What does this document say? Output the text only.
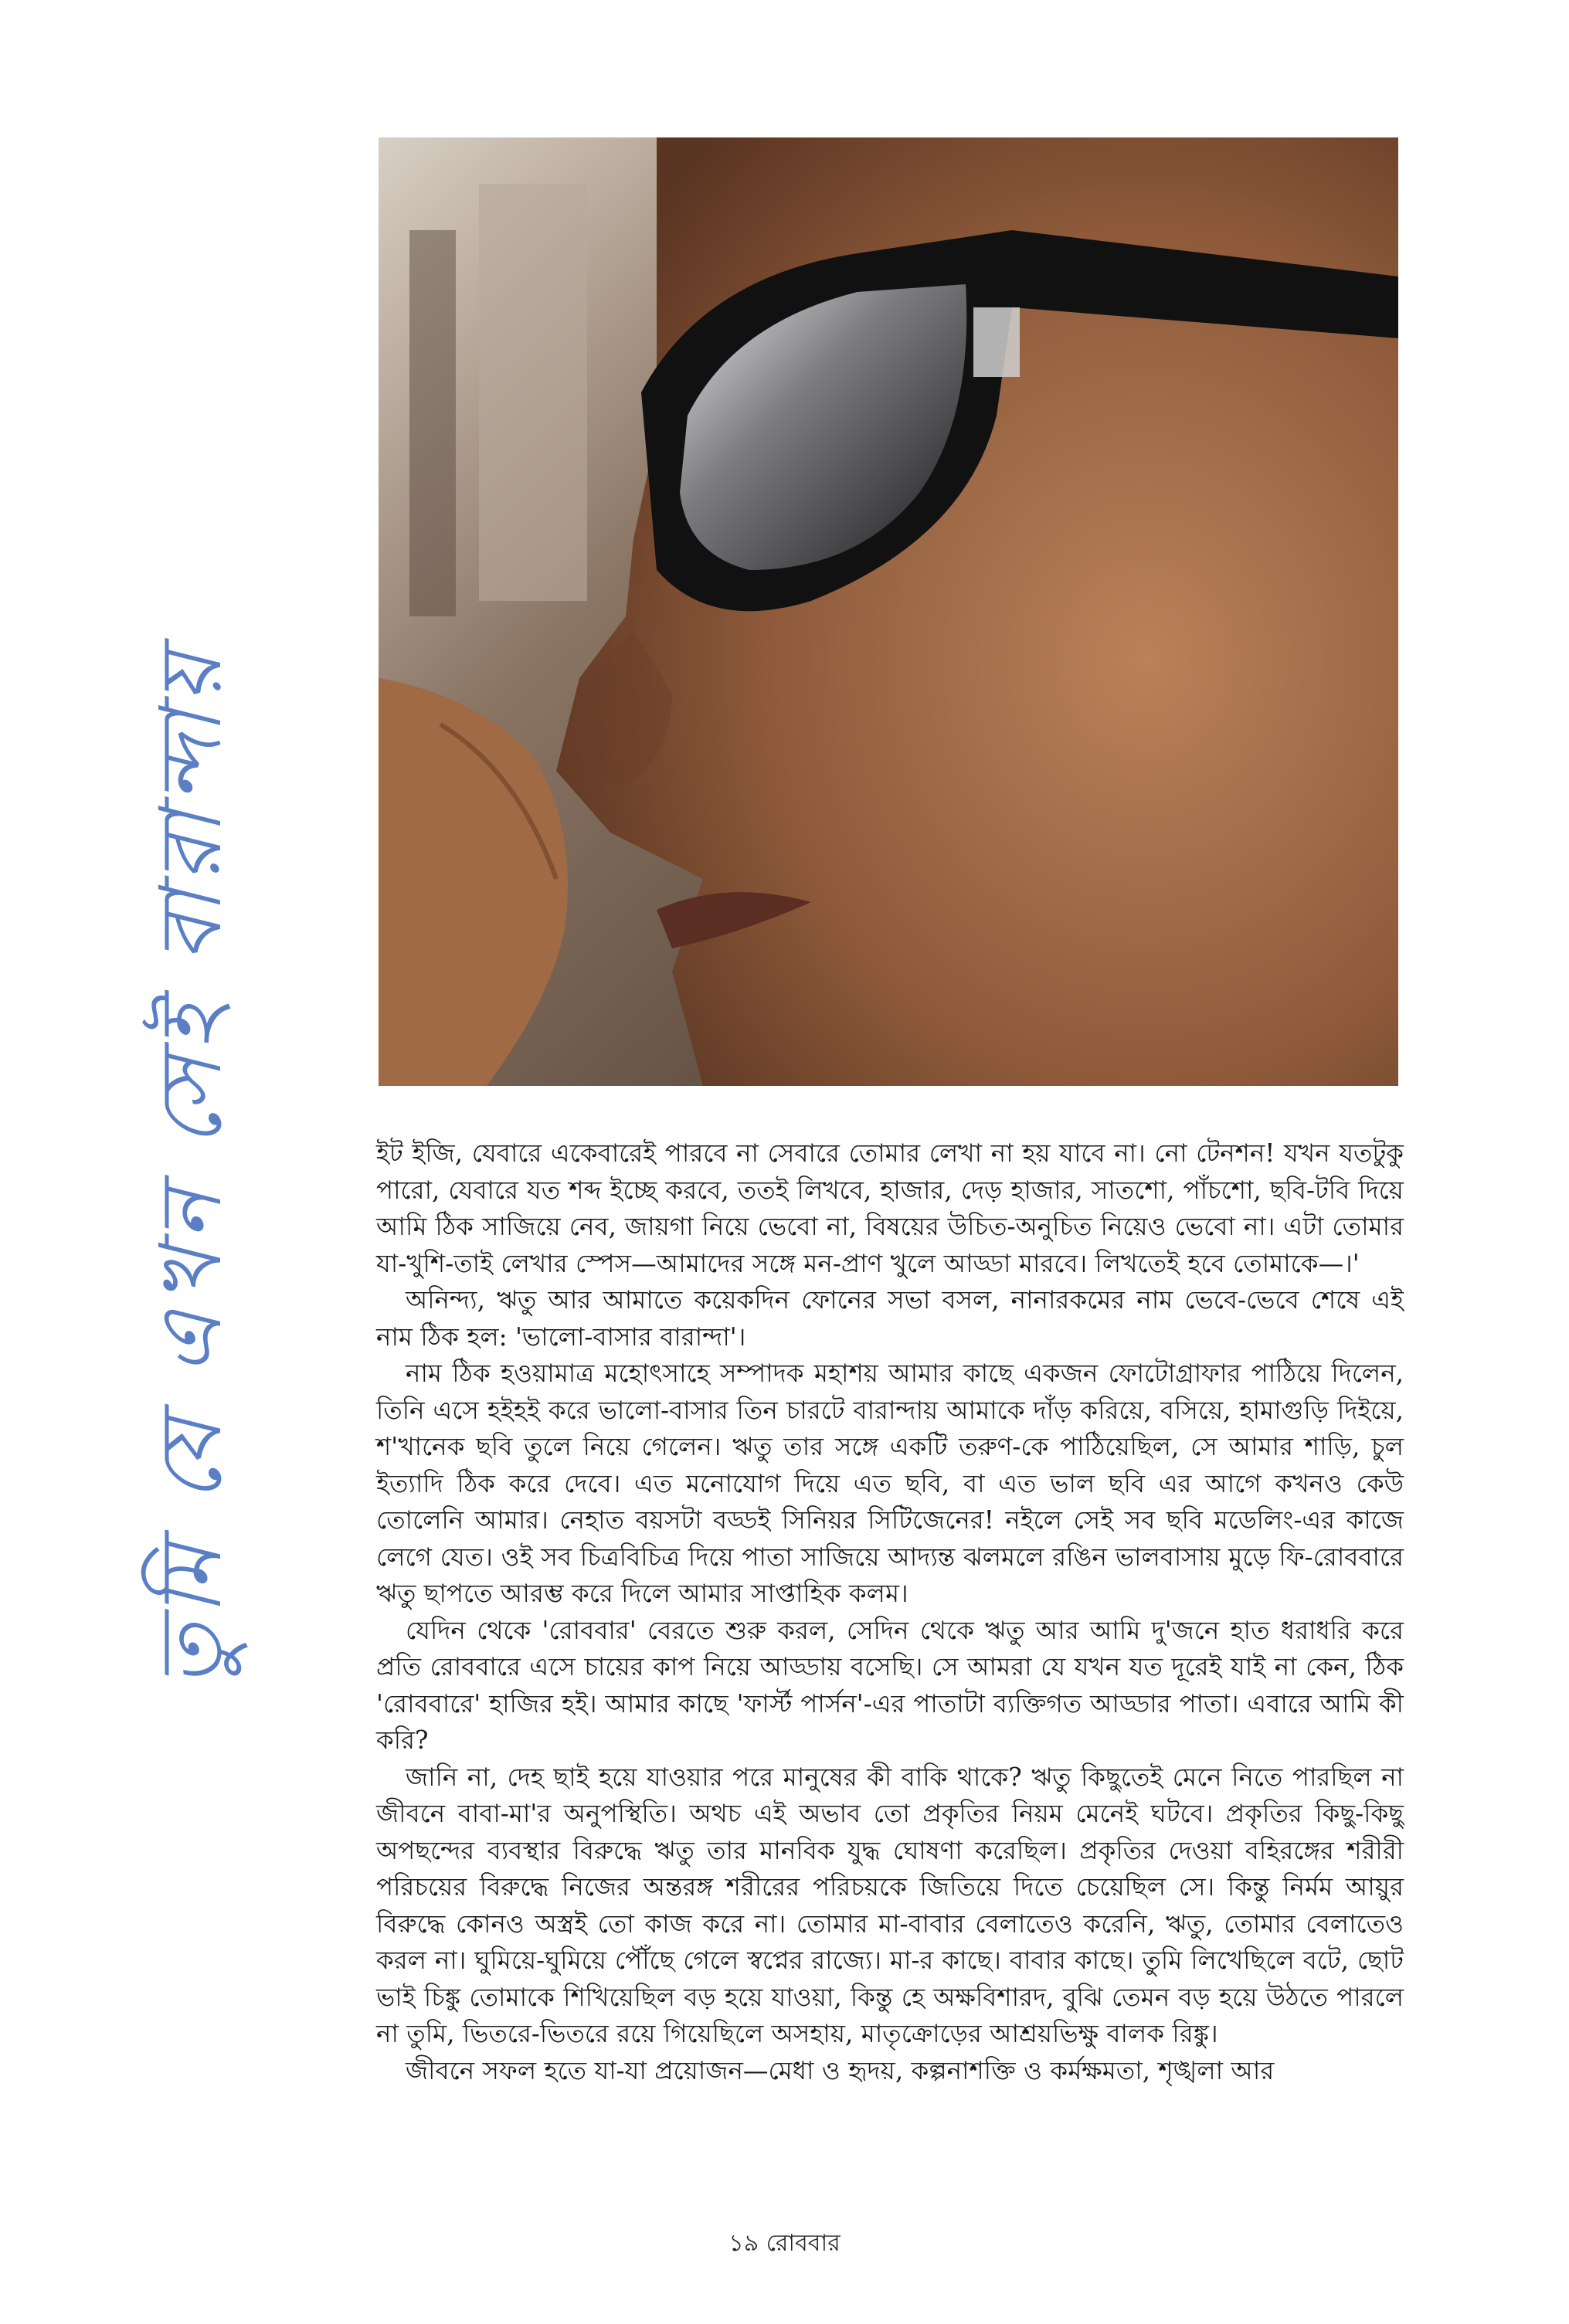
তুমি যে এখন সেই বারান্দায়	ইট ইজি, যেবারে একেবারেই পারবে না সেবারে তোমার লেখা না হয় যাবে না। নো টেনশন! যখন যতটুকু পারো, যেবারে যত শব্দ ইচ্ছে করবে, ততই লিখবে, হাজার, দেড় হাজার, সাতশো, পাঁচশো, ছবি-টবি দিয়ে আমি ঠিক সাজিয়ে নেব, জায়গা নিয়ে ভেবো না, বিষয়ের উচিত-অনুচিত নিয়েও ভেবো না। এটা তোমার যা-খুশি-তাই লেখার স্পেস—আমাদের সঙ্গে মন-প্রাণ খুলে আড্ডা মারবে। লিখতেই হবে তোমাকে—।'

অনিন্দ্য, ঋতু আর আমাতে কয়েকদিন ফোনের সভা বসল, নানারকমের নাম ভেবে-ভেবে শেষে এই নাম ঠিক হল: 'ভালো-বাসার বারান্দা'।

নাম ঠিক হওয়ামাত্র মহোৎসাহে সম্পাদক মহাশয় আমার কাছে একজন ফোটোগ্রাফার পাঠিয়ে দিলেন, তিনি এসে হইহই করে ভালো-বাসার তিন চারটে বারান্দায় আমাকে দাঁড় করিয়ে, বসিয়ে, হামাগুড়ি দিইয়ে, শ'খানেক ছবি তুলে নিয়ে গেলেন। ঋতু তার সঙ্গে একটি তরুণ-কে পাঠিয়েছিল, সে আমার শাড়ি, চুল ইত্যাদি ঠিক করে দেবে। এত মনোযোগ দিয়ে এত ছবি, বা এত ভাল ছবি এর আগে কখনও কেউ তোলেনি আমার। নেহাত বয়সটা বড্ডই সিনিয়র সিটিজেনের! নইলে সেই সব ছবি মডেলিং-এর কাজে লেগে যেত। ওই সব চিত্রবিচিত্র দিয়ে পাতা সাজিয়ে আদ্যন্ত ঝলমলে রঙিন ভালবাসায় মুড়ে ফি-রোববারে ঋতু ছাপতে আরম্ভ করে দিলে আমার সাপ্তাহিক কলম।

যেদিন থেকে 'রোববার' বেরতে শুরু করল, সেদিন থেকে ঋতু আর আমি দু'জনে হাত ধরাধরি করে প্রতি রোববারে এসে চায়ের কাপ নিয়ে আড্ডায় বসেছি। সে আমরা যে যখন যত দূরেই যাই না কেন, ঠিক 'রোববারে' হাজির হই। আমার কাছে 'ফার্স্ট পার্সন'-এর পাতাটা ব্যক্তিগত আড্ডার পাতা। এবারে আমি কী করি?

জানি না, দেহ ছাই হয়ে যাওয়ার পরে মানুষের কী বাকি থাকে? ঋতু কিছুতেই মেনে নিতে পারছিল না জীবনে বাবা-মা'র অনুপস্থিতি। অথচ এই অভাব তো প্রকৃতির নিয়ম মেনেই ঘটবে। প্রকৃতির কিছু-কিছু অপছন্দের ব্যবস্থার বিরুদ্ধে ঋতু তার মানবিক যুদ্ধ ঘোষণা করেছিল। প্রকৃতির দেওয়া বহিরঙ্গের শরীরী পরিচয়ের বিরুদ্ধে নিজের অন্তরঙ্গ শরীরের পরিচয়কে জিতিয়ে দিতে চেয়েছিল সে। কিন্তু নির্মম আয়ুর বিরুদ্ধে কোনও অস্ত্রই তো কাজ করে না। তোমার মা-বাবার বেলাতেও করেনি, ঋতু, তোমার বেলাতেও করল না। ঘুমিয়ে-ঘুমিয়ে পৌঁছে গেলে স্বপ্নের রাজ্যে। মা-র কাছে। বাবার কাছে। তুমি লিখেছিলে বটে, ছোট ভাই চিঙ্কু তোমাকে শিখিয়েছিল বড় হয়ে যাওয়া, কিন্তু হে অক্ষবিশারদ, বুঝি তেমন বড় হয়ে উঠতে পারলে না তুমি, ভিতরে-ভিতরে রয়ে গিয়েছিলে অসহায়, মাতৃক্রোড়ের আশ্রয়ভিক্ষু বালক রিঙ্কু।

জীবনে সফল হতে যা-যা প্রয়োজন—মেধা ও হৃদয়, কল্পনাশক্তি ও কর্মক্ষমতা, শৃঙ্খলা আর

১৯ রোববার
